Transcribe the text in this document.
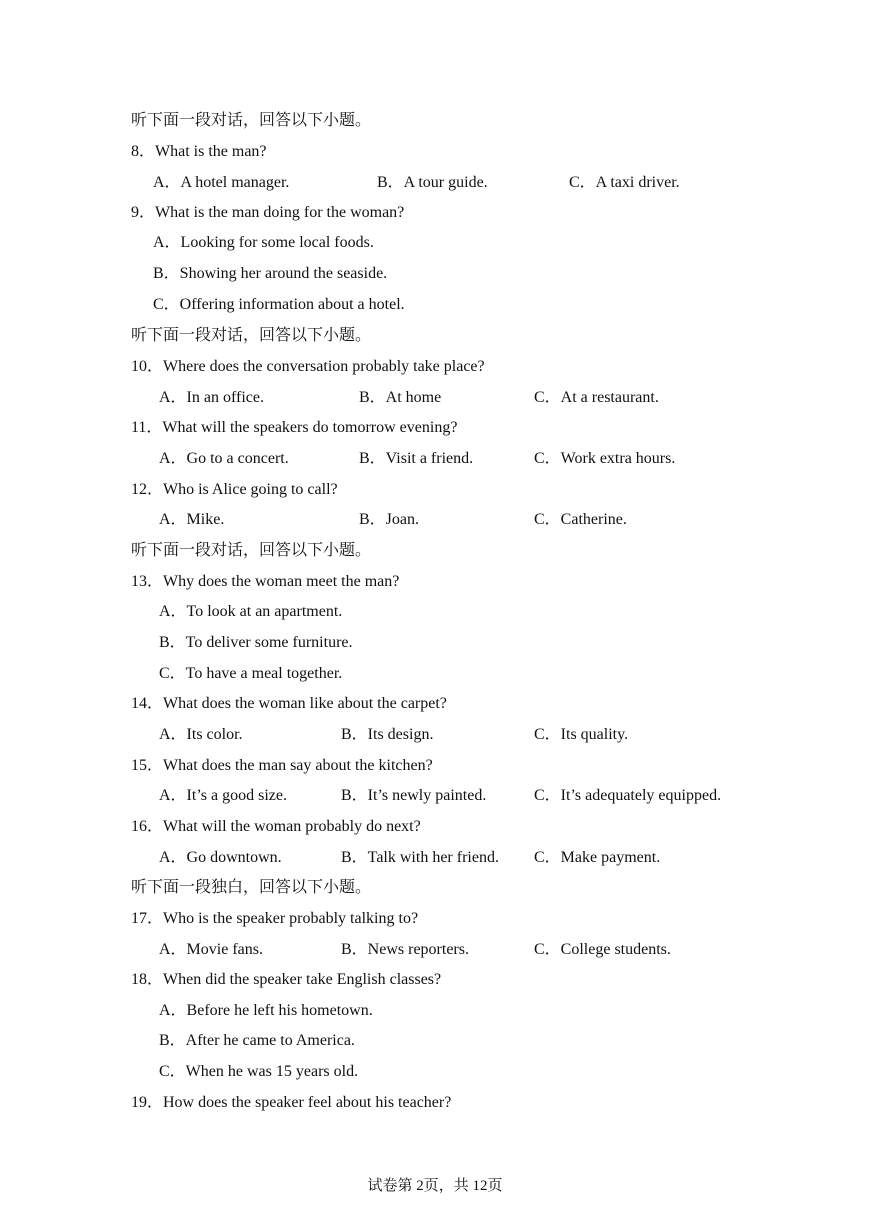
听下面一段对话，回答以下小题。
8．What is the man?
A．A hotel manager.	B．A tour guide.	C．A taxi driver.
9．What is the man doing for the woman?
A．Looking for some local foods.
B．Showing her around the seaside.
C．Offering information about a hotel.
听下面一段对话，回答以下小题。
10．Where does the conversation probably take place?
A．In an office.	B．At home	C．At a restaurant.
11．What will the speakers do tomorrow evening?
A．Go to a concert.	B．Visit a friend.	C．Work extra hours.
12．Who is Alice going to call?
A．Mike.	B．Joan.	C．Catherine.
听下面一段对话，回答以下小题。
13．Why does the woman meet the man?
A．To look at an apartment.
B．To deliver some furniture.
C．To have a meal together.
14．What does the woman like about the carpet?
A．Its color.	B．Its design.	C．Its quality.
15．What does the man say about the kitchen?
A．It’s a good size.	B．It’s newly painted.	C．It’s adequately equipped.
16．What will the woman probably do next?
A．Go downtown.	B．Talk with her friend. C．Make payment.
听下面一段独白，回答以下小题。
17．Who is the speaker probably talking to?
A．Movie fans.	B．News reporters.	C．College students.
18．When did the speaker take English classes?
A．Before he left his hometown.
B．After he came to America.
C．When he was 15 years old.
19．How does the speaker feel about his teacher?
试卷第 2页，共 12页
